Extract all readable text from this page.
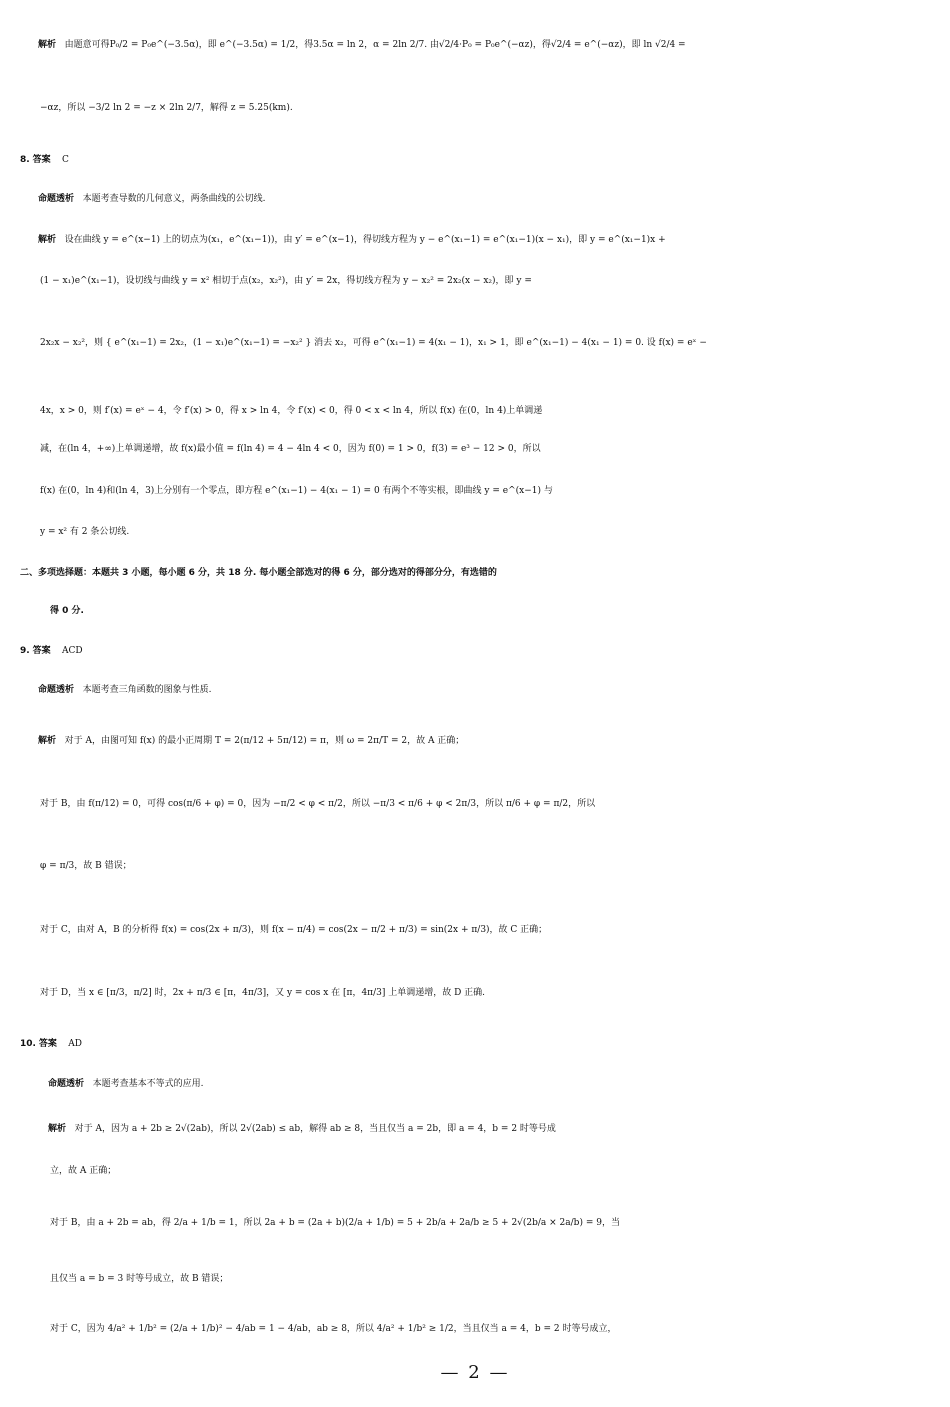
解析 由题意可得P₀/2 = P₀e^(−3.5α)，即 e^(−3.5α) = 1/2，得3.5α = ln 2，α = 2ln 2/7. 由√2/4·P₀ = P₀e^(−αz)，得√2/4 = e^(−αz)，即 ln √2/4 =
−αz，所以 −3/2 ln 2 = −z × 2ln 2/7，解得 z = 5.25(km).
8. 答案 C
命题透析 本题考查导数的几何意义，两条曲线的公切线.
解析 设在曲线 y = e^(x−1) 上的切点为(x₁，e^(x₁−1))，由 y′ = e^(x−1)，得切线方程为 y − e^(x₁−1) = e^(x₁−1)(x − x₁)，即 y = e^(x₁−1)x +
(1 − x₁)e^(x₁−1)，设切线与曲线 y = x² 相切于点(x₂，x₂²)，由 y′ = 2x，得切线方程为 y − x₂² = 2x₂(x − x₂)，即 y =
2x₂x − x₂²，则 { e^(x₁−1) = 2x₂，(1 − x₁)e^(x₁−1) = −x₂² } 消去 x₂，可得 e^(x₁−1) = 4(x₁ − 1)，x₁ > 1，即 e^(x₁−1) − 4(x₁ − 1) = 0. 设 f(x) = eˣ −
4x，x > 0，则 f′(x) = eˣ − 4，令 f′(x) > 0，得 x > ln 4，令 f′(x) < 0，得 0 < x < ln 4，所以 f(x) 在(0，ln 4)上单调递
减，在(ln 4，+∞)上单调递增，故 f(x)最小值 = f(ln 4) = 4 − 4ln 4 < 0，因为 f(0) = 1 > 0，f(3) = e³ − 12 > 0，所以
f(x) 在(0，ln 4)和(ln 4，3)上分别有一个零点，即方程 e^(x₁−1) − 4(x₁ − 1) = 0 有两个不等实根，即曲线 y = e^(x−1) 与
y = x² 有 2 条公切线.
二、多项选择题：本题共 3 小题，每小题 6 分，共 18 分. 每小题全部选对的得 6 分，部分选对的得部分分，有选错的
得 0 分.
9. 答案 ACD
命题透析 本题考查三角函数的图象与性质.
解析 对于 A，由图可知 f(x) 的最小正周期 T = 2(π/12 + 5π/12) = π，则 ω = 2π/T = 2，故 A 正确；
对于 B，由 f(π/12) = 0，可得 cos(π/6 + φ) = 0，因为 −π/2 < φ < π/2，所以 −π/3 < π/6 + φ < 2π/3，所以 π/6 + φ = π/2，所以
φ = π/3，故 B 错误；
对于 C，由对 A，B 的分析得 f(x) = cos(2x + π/3)，则 f(x − π/4) = cos(2x − π/2 + π/3) = sin(2x + π/3)，故 C 正确；
对于 D，当 x ∈ [π/3，π/2] 时，2x + π/3 ∈ [π，4π/3]，又 y = cos x 在 [π，4π/3] 上单调递增，故 D 正确.
10. 答案 AD
命题透析 本题考查基本不等式的应用.
解析 对于 A，因为 a + 2b ≥ 2√(2ab)，所以 2√(2ab) ≤ ab，解得 ab ≥ 8，当且仅当 a = 2b，即 a = 4，b = 2 时等号成
立，故 A 正确；
对于 B，由 a + 2b = ab，得 2/a + 1/b = 1，所以 2a + b = (2a + b)(2/a + 1/b) = 5 + 2b/a + 2a/b ≥ 5 + 2√(2b/a × 2a/b) = 9，当
且仅当 a = b = 3 时等号成立，故 B 错误；
对于 C，因为 4/a² + 1/b² = (2/a + 1/b)² − 4/ab = 1 − 4/ab，ab ≥ 8，所以 4/a² + 1/b² ≥ 1/2，当且仅当 a = 4，b = 2 时等号成立，
— 2 —
